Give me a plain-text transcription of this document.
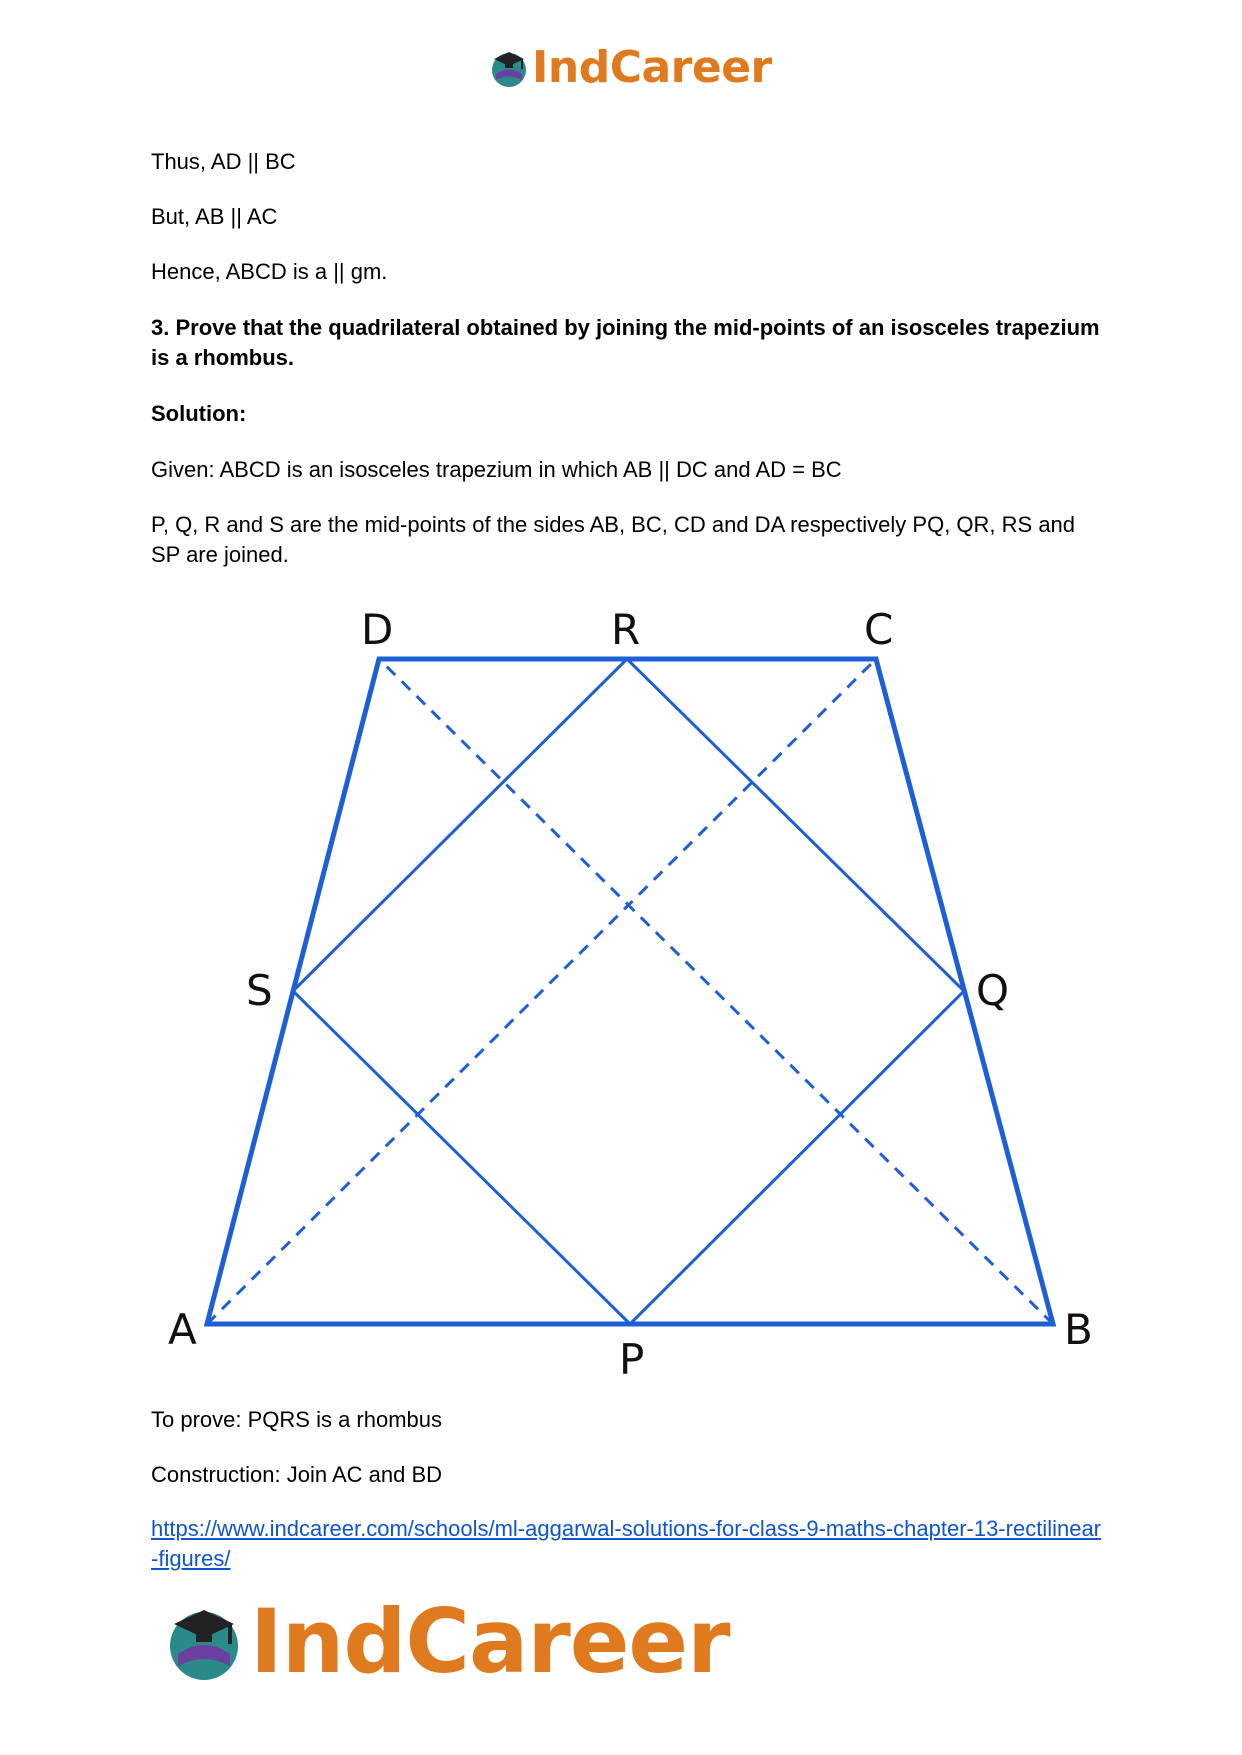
IndCareer

Thus, AD || BC

But, AB || AC

Hence, ABCD is a || gm.

3. Prove that the quadrilateral obtained by joining the mid-points of an isosceles trapezium is a rhombus.

Solution:

Given: ABCD is an isosceles trapezium in which AB || DC and AD = BC

P, Q, R and S are the mid-points of the sides AB, BC, CD and DA respectively PQ, QR, RS and SP are joined.

A	B
C
D
P
Q
R
S

To prove: PQRS is a rhombus

Construction: Join AC and BD

https://www.indcareer.com/schools/ml-aggarwal-solutions-for-class-9-maths-chapter-13-rectilinear-figures/

IndCareer
